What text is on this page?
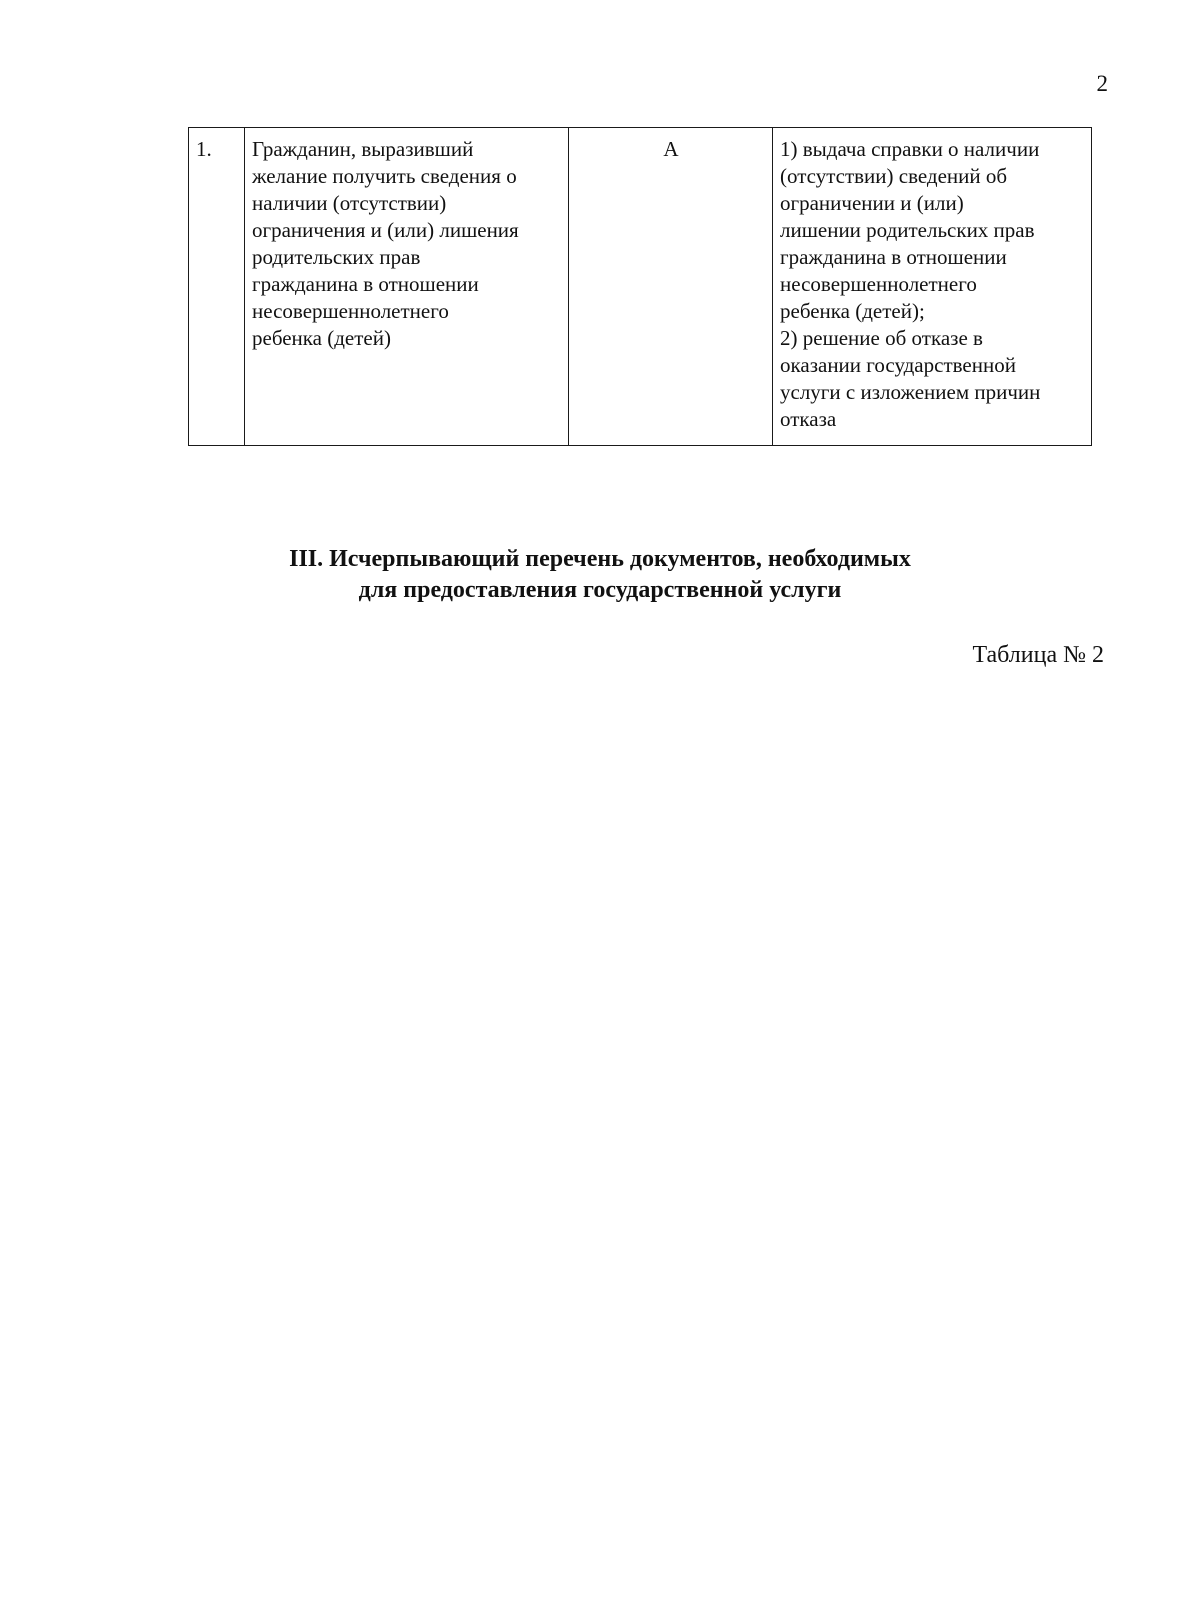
2
1.	Гражданин, выразивший
желание получить сведения о
наличии (отсутствии)
ограничения и (или) лишения
родительских прав
гражданина в отношении
несовершеннолетнего
ребенка (детей)	А	1) выдача справки о наличии
(отсутствии) сведений об
ограничении и (или)
лишении родительских прав
гражданина в отношении
несовершеннолетнего
ребенка (детей);
2) решение об отказе в
оказании государственной
услуги с изложением причин
отказа
III. Исчерпывающий перечень документов, необходимых
для предоставления государственной услуги
Таблица № 2
